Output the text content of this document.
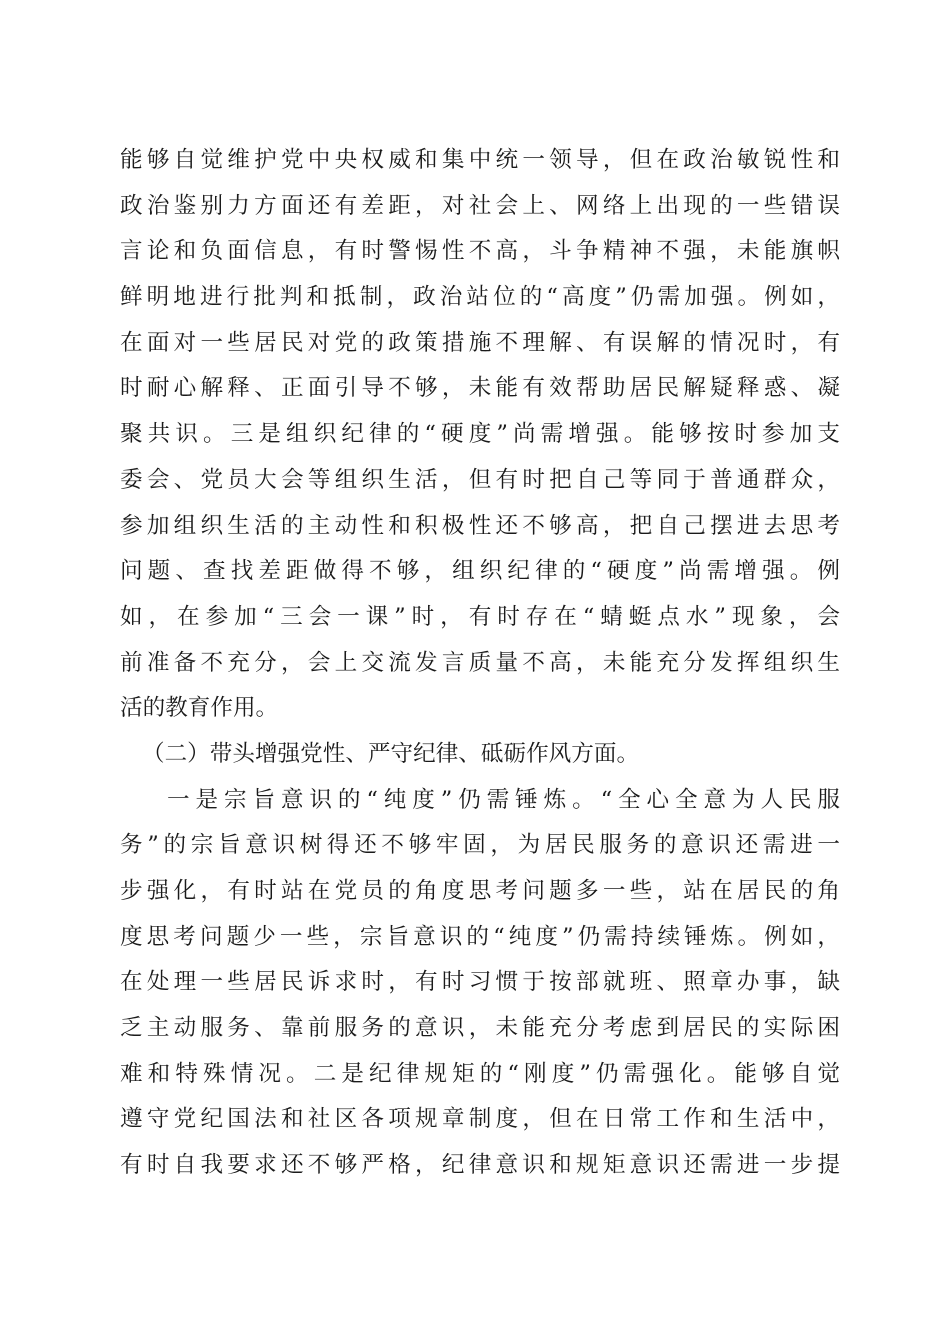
能够自觉维护党中央权威和集中统一领导，但在政治敏锐性和
政治鉴别力方面还有差距，对社会上、网络上出现的一些错误
言论和负面信息，有时警惕性不高，斗争精神不强，未能旗帜
鲜明地进行批判和抵制，政治站位的“高度”仍需加强。例如，
在面对一些居民对党的政策措施不理解、有误解的情况时，有
时耐心解释、正面引导不够，未能有效帮助居民解疑释惑、凝
聚共识。三是组织纪律的“硬度”尚需增强。能够按时参加支
委会、党员大会等组织生活，但有时把自己等同于普通群众，
参加组织生活的主动性和积极性还不够高，把自己摆进去思考
问题、查找差距做得不够，组织纪律的“硬度”尚需增强。例
如，在参加“三会一课”时，有时存在“蜻蜓点水”现象，会
前准备不充分，会上交流发言质量不高，未能充分发挥组织生
活的教育作用。
（二）带头增强党性、严守纪律、砥砺作风方面。
一是宗旨意识的“纯度”仍需锤炼。“全心全意为人民服
务”的宗旨意识树得还不够牢固，为居民服务的意识还需进一
步强化，有时站在党员的角度思考问题多一些，站在居民的角
度思考问题少一些，宗旨意识的“纯度”仍需持续锤炼。例如，
在处理一些居民诉求时，有时习惯于按部就班、照章办事，缺
乏主动服务、靠前服务的意识，未能充分考虑到居民的实际困
难和特殊情况。二是纪律规矩的“刚度”仍需强化。能够自觉
遵守党纪国法和社区各项规章制度，但在日常工作和生活中，
有时自我要求还不够严格，纪律意识和规矩意识还需进一步提
